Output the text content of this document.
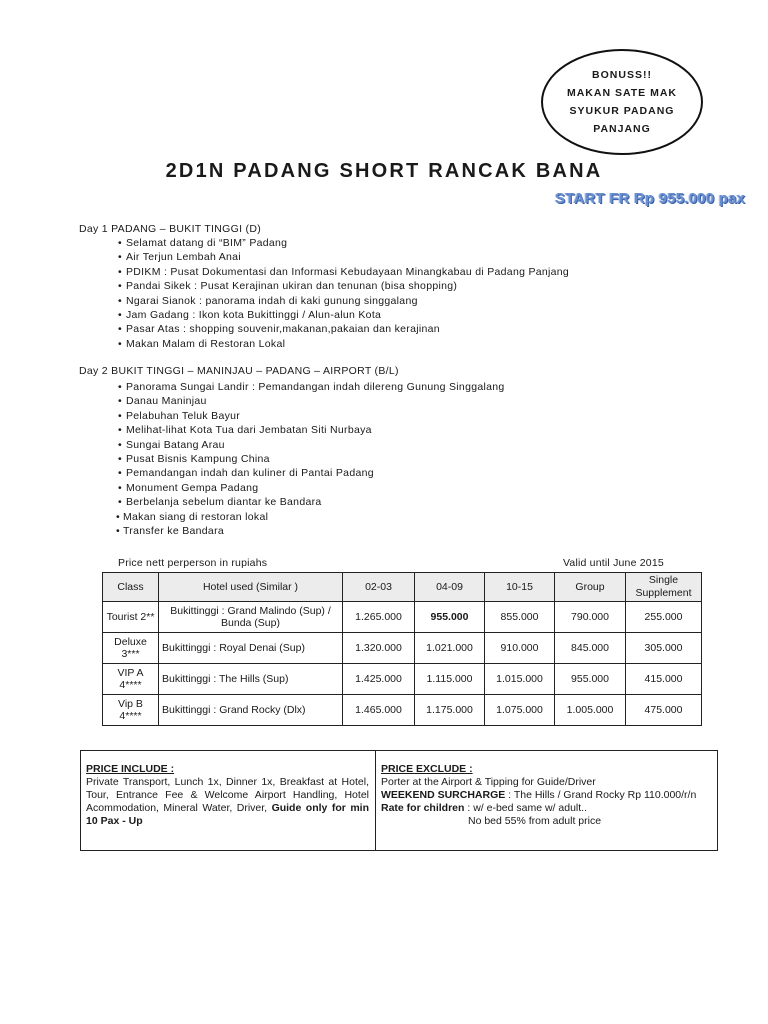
BONUSS!!
MAKAN SATE MAK
SYUKUR PADANG
PANJANG
2D1N PADANG SHORT RANCAK BANA
START FR Rp 955.000 pax
Day 1 PADANG – BUKIT TINGGI (D)
• Selamat datang di “BIM” Padang
• Air Terjun Lembah Anai
• PDIKM : Pusat Dokumentasi dan Informasi Kebudayaan Minangkabau di Padang Panjang
• Pandai Sikek : Pusat Kerajinan ukiran dan tenunan (bisa shopping)
• Ngarai Sianok : panorama indah di kaki gunung singgalang
• Jam Gadang : Ikon kota Bukittinggi / Alun-alun Kota
• Pasar Atas : shopping souvenir,makanan,pakaian dan kerajinan
• Makan Malam di Restoran Lokal
Day 2 BUKIT TINGGI – MANINJAU – PADANG – AIRPORT (B/L)
• Panorama Sungai Landir : Pemandangan indah dilereng Gunung Singgalang
• Danau Maninjau
• Pelabuhan Teluk Bayur
• Melihat-lihat Kota Tua dari Jembatan Siti Nurbaya
• Sungai Batang Arau
• Pusat Bisnis Kampung China
• Pemandangan indah dan kuliner di Pantai Padang
• Monument Gempa Padang
• Berbelanja sebelum diantar ke Bandara
• Makan siang di restoran lokal
• Transfer ke Bandara
Price nett perperson in rupiahs	Valid until June 2015
Class	Hotel used (Similar )	02-03	04-09	10-15	Group	Single Supplement
Tourist 2**	Bukittinggi : Grand Malindo (Sup) / Bunda (Sup)	1.265.000	955.000	855.000	790.000	255.000
Deluxe 3***	Bukittinggi : Royal Denai (Sup)	1.320.000	1.021.000	910.000	845.000	305.000
VIP A 4****	Bukittinggi : The Hills (Sup)	1.425.000	1.115.000	1.015.000	955.000	415.000
Vip B 4****	Bukittinggi : Grand Rocky (Dlx)	1.465.000	1.175.000	1.075.000	1.005.000	475.000
PRICE INCLUDE :
Private Transport, Lunch 1x, Dinner 1x, Breakfast at Hotel, Tour, Entrance Fee & Welcome Airport Handling, Hotel Acommodation, Mineral Water, Driver, Guide only for min 10 Pax - Up
PRICE EXCLUDE :
Porter at the Airport & Tipping for Guide/Driver
WEEKEND SURCHARGE : The Hills / Grand Rocky Rp 110.000/r/n
Rate for children : w/ e-bed same w/ adult..
No bed 55% from adult price
